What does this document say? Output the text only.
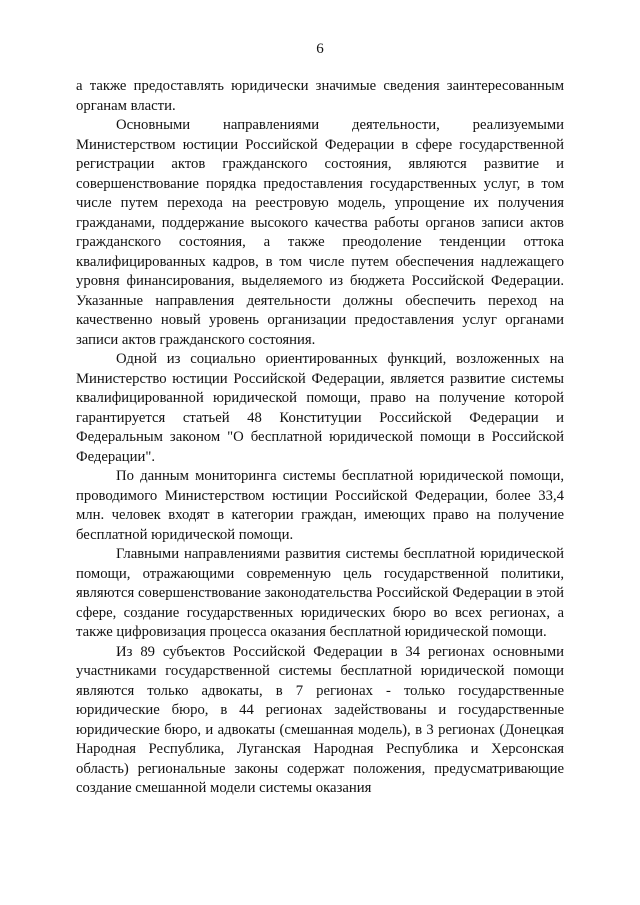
6

а также предоставлять юридически значимые сведения заинтересованным органам власти.

Основными направлениями деятельности, реализуемыми Министерством юстиции Российской Федерации в сфере государственной регистрации актов гражданского состояния, являются развитие и совершенствование порядка предоставления государственных услуг, в том числе путем перехода на реестровую модель, упрощение их получения гражданами, поддержание высокого качества работы органов записи актов гражданского состояния, а также преодоление тенденции оттока квалифицированных кадров, в том числе путем обеспечения надлежащего уровня финансирования, выделяемого из бюджета Российской Федерации. Указанные направления деятельности должны обеспечить переход на качественно новый уровень организации предоставления услуг органами записи актов гражданского состояния.

Одной из социально ориентированных функций, возложенных на Министерство юстиции Российской Федерации, является развитие системы квалифицированной юридической помощи, право на получение которой гарантируется статьей 48 Конституции Российской Федерации и Федеральным законом "О бесплатной юридической помощи в Российской Федерации".

По данным мониторинга системы бесплатной юридической помощи, проводимого Министерством юстиции Российской Федерации, более 33,4 млн. человек входят в категории граждан, имеющих право на получение бесплатной юридической помощи.

Главными направлениями развития системы бесплатной юридической помощи, отражающими современную цель государственной политики, являются совершенствование законодательства Российской Федерации в этой сфере, создание государственных юридических бюро во всех регионах, а также цифровизация процесса оказания бесплатной юридической помощи.

Из 89 субъектов Российской Федерации в 34 регионах основными участниками государственной системы бесплатной юридической помощи являются только адвокаты, в 7 регионах - только государственные юридические бюро, в 44 регионах задействованы и государственные юридические бюро, и адвокаты (смешанная модель), в 3 регионах (Донецкая Народная Республика, Луганская Народная Республика и Херсонская область) региональные законы содержат положения, предусматривающие создание смешанной модели системы оказания
